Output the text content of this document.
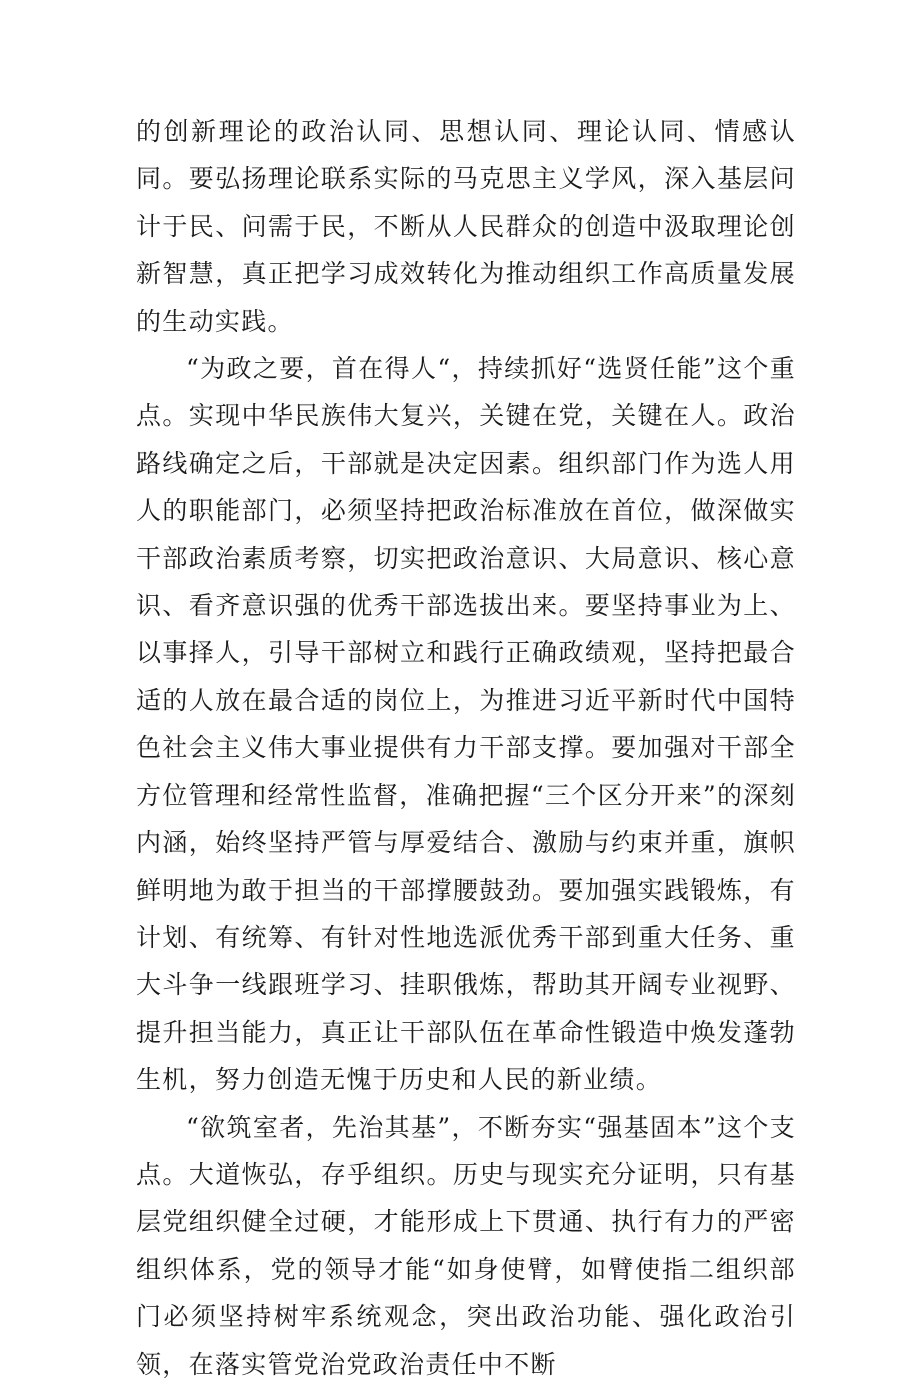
的创新理论的政治认同、思想认同、理论认同、情感认同。要弘扬理论联系实际的马克思主义学风，深入基层问计于民、问需于民，不断从人民群众的创造中汲取理论创新智慧，真正把学习成效转化为推动组织工作高质量发展的生动实践。

“为政之要，首在得人“，持续抓好“选贤任能”这个重点。实现中华民族伟大复兴，关键在党，关键在人。政治路线确定之后，干部就是决定因素。组织部门作为选人用人的职能部门，必须坚持把政治标准放在首位，做深做实干部政治素质考察，切实把政治意识、大局意识、核心意识、看齐意识强的优秀干部选拔出来。要坚持事业为上、以事择人，引导干部树立和践行正确政绩观，坚持把最合适的人放在最合适的岗位上，为推进习近平新时代中国特色社会主义伟大事业提供有力干部支撑。要加强对干部全方位管理和经常性监督，准确把握“三个区分开来”的深刻内涵，始终坚持严管与厚爱结合、激励与约束并重，旗帜鲜明地为敢于担当的干部撑腰鼓劲。要加强实践锻炼，有计划、有统筹、有针对性地选派优秀干部到重大任务、重大斗争一线跟班学习、挂职俄炼，帮助其开阔专业视野、提升担当能力，真正让干部队伍在革命性锻造中焕发蓬勃生机，努力创造无愧于历史和人民的新业绩。

“欲筑室者，先治其基”，不断夯实“强基固本”这个支点。大道恢弘，存乎组织。历史与现实充分证明，只有基层党组织健全过硬，才能形成上下贯通、执行有力的严密组织体系，党的领导才能“如身使臂，如臂使指二组织部门必须坚持树牢系统观念，突出政治功能、强化政治引领，在落实管党治党政治责任中不断
